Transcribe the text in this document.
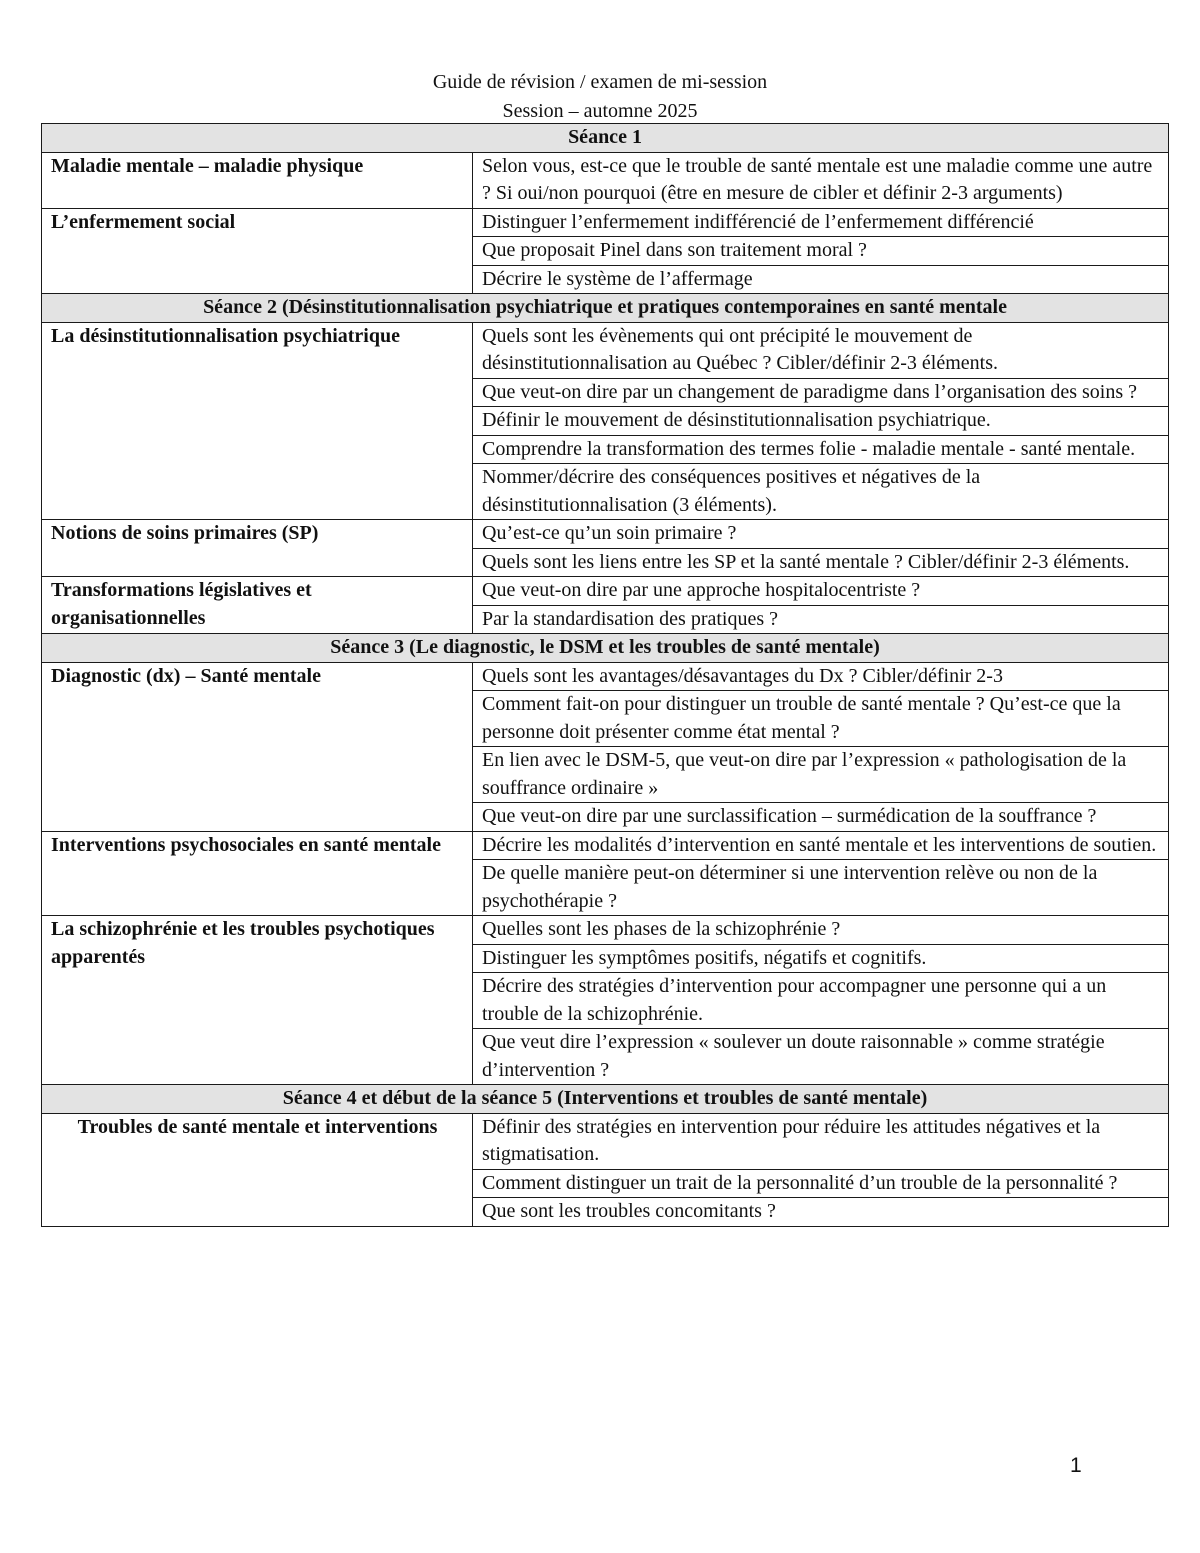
Guide de révision / examen de mi-session
Session – automne 2025
Séance 1	
Maladie mentale – maladie physique	Selon vous, est-ce que le trouble de santé mentale est une maladie comme une autre ? Si oui/non pourquoi (être en mesure de cibler et définir 2-3 arguments)
L’enfermement social	Distinguer l’enfermement indifférencié de l’enfermement différencié
	Que proposait Pinel dans son traitement moral ?
	Décrire le système de l’affermage
Séance 2 (Désinstitutionnalisation psychiatrique et pratiques contemporaines en santé mentale	
La désinstitutionnalisation psychiatrique	Quels sont les évènements qui ont précipité le mouvement de désinstitutionnalisation au Québec ? Cibler/définir 2-3 éléments.
	Que veut-on dire par un changement de paradigme dans l’organisation des soins ?
	Définir le mouvement de désinstitutionnalisation psychiatrique.
	Comprendre la transformation des termes folie - maladie mentale - santé mentale.
	Nommer/décrire des conséquences positives et négatives de la désinstitutionnalisation (3 éléments).
Notions de soins primaires (SP)	Qu’est-ce qu’un soin primaire ?
	Quels sont les liens entre les SP et la santé mentale ? Cibler/définir 2-3 éléments.
Transformations législatives et organisationnelles	Que veut-on dire par une approche hospitalocentriste ?
	Par la standardisation des pratiques ?
Séance 3 (Le diagnostic, le DSM et les troubles de santé mentale)	
Diagnostic (dx) – Santé mentale	Quels sont les avantages/désavantages du Dx ? Cibler/définir 2-3
	Comment fait-on pour distinguer un trouble de santé mentale ? Qu’est-ce que la personne doit présenter comme état mental ?
	En lien avec le DSM-5, que veut-on dire par l’expression « pathologisation de la souffrance ordinaire »
	Que veut-on dire par une surclassification – surmédication de la souffrance ?
Interventions psychosociales en santé mentale	Décrire les modalités d’intervention en santé mentale et les interventions de soutien.
	De quelle manière peut-on déterminer si une intervention relève ou non de la psychothérapie ?
La schizophrénie et les troubles psychotiques apparentés	Quelles sont les phases de la schizophrénie ?
	Distinguer les symptômes positifs, négatifs et cognitifs.
	Décrire des stratégies d’intervention pour accompagner une personne qui a un trouble de la schizophrénie.
	Que veut dire l’expression « soulever un doute raisonnable » comme stratégie d’intervention ?
Séance 4 et début de la séance 5 (Interventions et troubles de santé mentale)	
Troubles de santé mentale et interventions	Définir des stratégies en intervention pour réduire les attitudes négatives et la stigmatisation.
	Comment distinguer un trait de la personnalité d’un trouble de la personnalité ?
	Que sont les troubles concomitants ?
1
